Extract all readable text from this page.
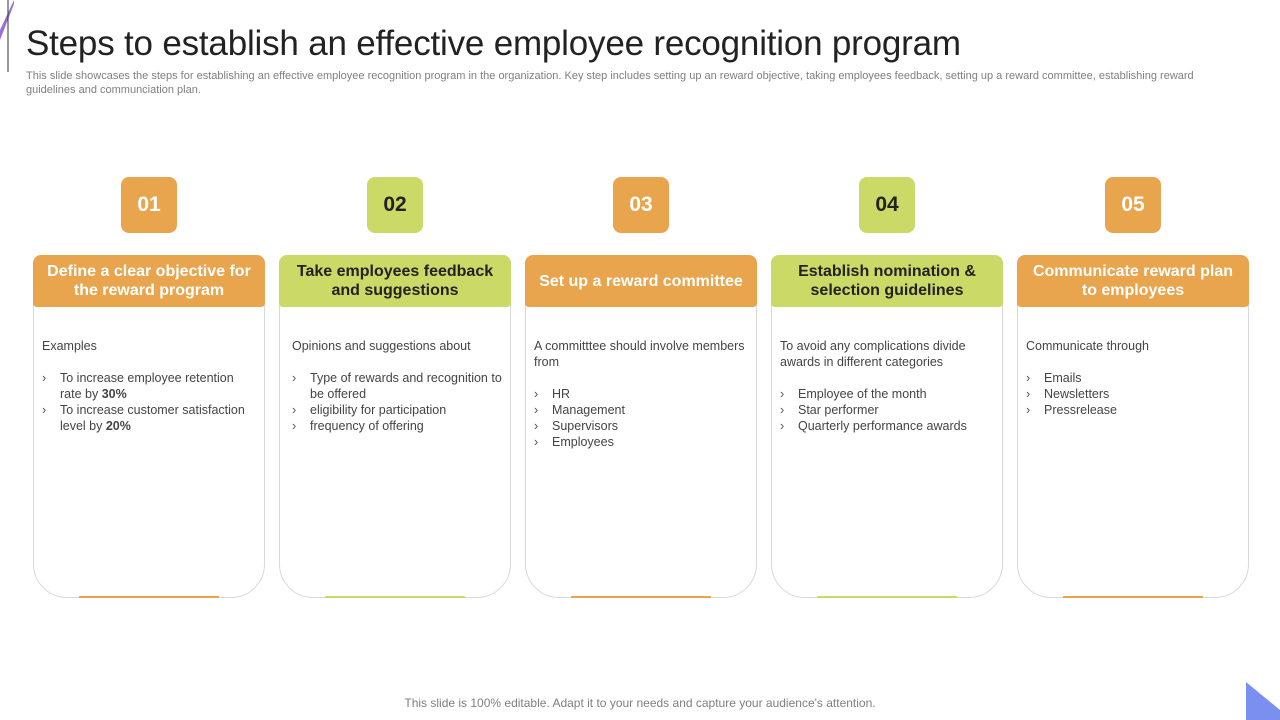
Steps to establish an effective employee recognition program
This slide showcases the steps for establishing an effective employee recognition program in the organization. Key step includes setting up an reward objective, taking employees feedback, setting up a reward committee, establishing reward guidelines and communciation plan.
01
Define a clear objective for the reward program

Examples

› To increase employee retention rate by 30%
› To increase customer satisfaction level by 20%
02
Take employees feedback and suggestions

Opinions and suggestions about

› Type of rewards and recognition to be offered
› eligibility for participation
› frequency of offering
03
Set up a reward committee

A committtee should involve members from

› HR
› Management
› Supervisors
› Employees
04
Establish nomination & selection guidelines

To avoid any complications divide awards in different categories

› Employee of the month
› Star performer
› Quarterly performance awards
05
Communicate reward plan to employees

Communicate through

› Emails
› Newsletters
› Pressrelease
This slide is 100% editable. Adapt it to your needs and capture your audience's attention.
